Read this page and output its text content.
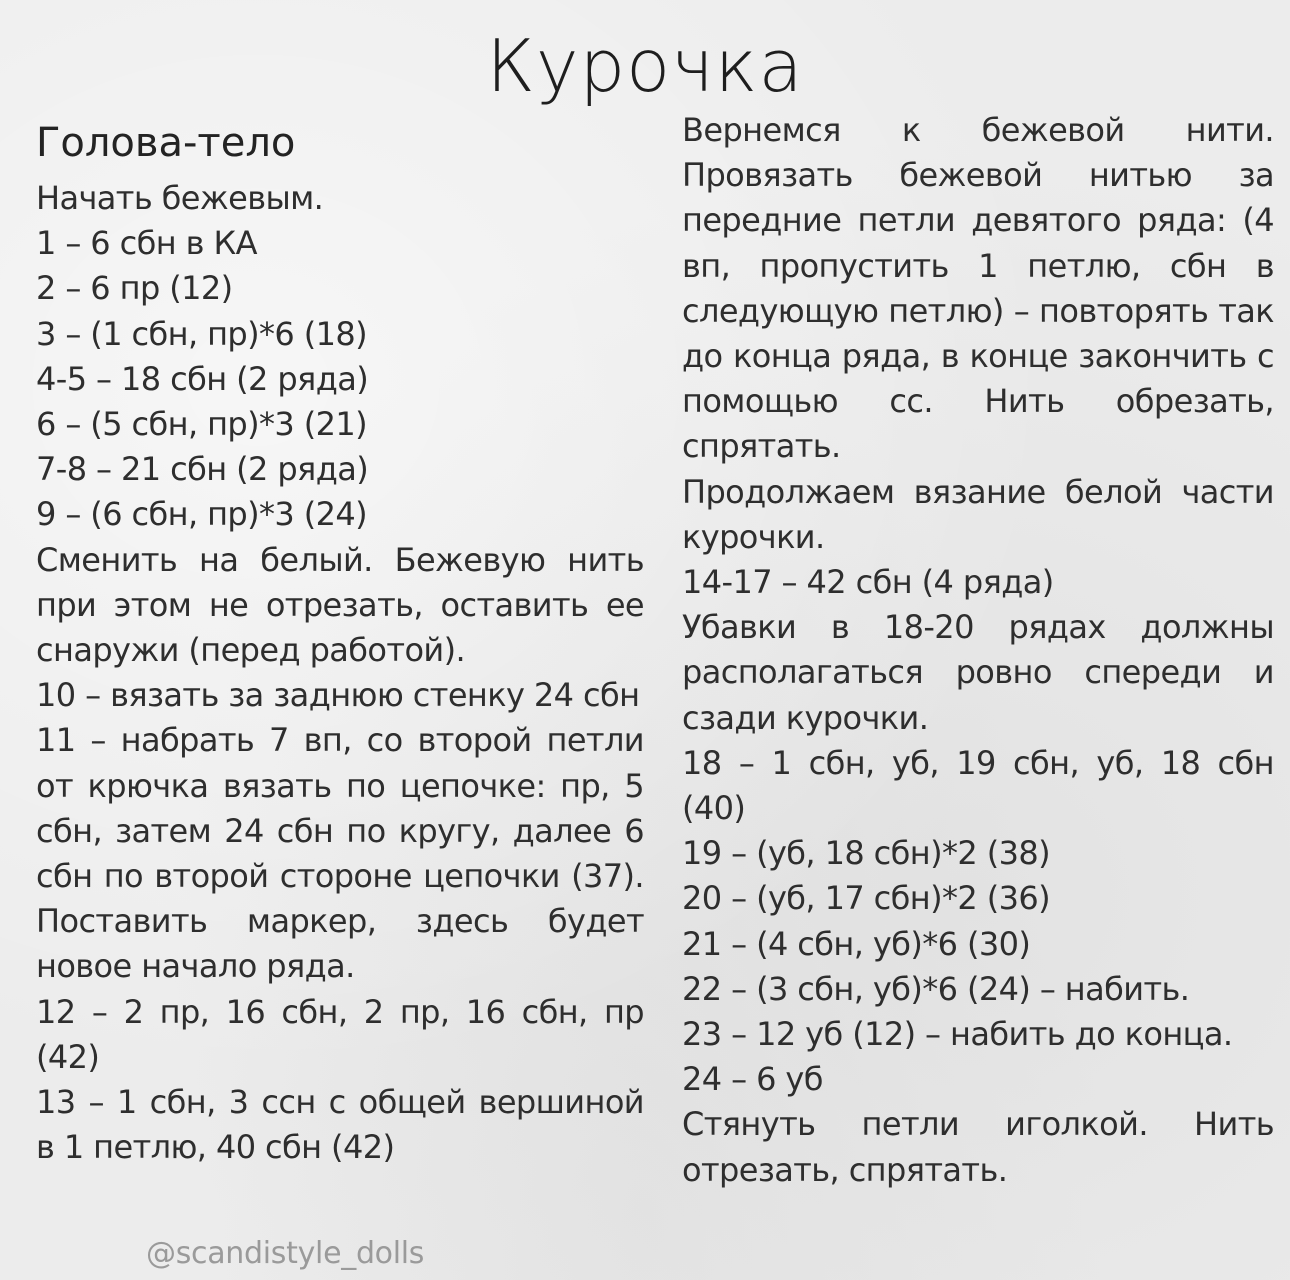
Курочка
Голова-тело

Начать бежевым.

1 – 6 сбн в КА

2 – 6 пр (12)

3 – (1 сбн, пр)*6 (18)

4-5 – 18 сбн (2 ряда)

6 – (5 сбн, пр)*3 (21)

7-8 – 21 сбн (2 ряда)

9 – (6 сбн, пр)*3 (24)

Сменить на белый. Бежевую нить при этом не отрезать, оставить ее снаружи (перед работой).

10 – вязать за заднюю стенку 24 сбн

11 – набрать 7 вп, со второй петли от крючка вязать по цепочке: пр, 5 сбн, затем 24 сбн по кругу, далее 6 сбн по второй стороне цепочки (37). Поставить маркер, здесь будет новое начало ряда.

12 – 2 пр, 16 сбн, 2 пр, 16 сбн, пр (42)

13 – 1 сбн, 3 ссн с общей вершиной в 1 петлю, 40 сбн (42)

Вернемся к бежевой нити. Провязать бежевой нитью за передние петли девятого ряда: (4 вп, пропустить 1 петлю, сбн в следующую петлю) – повторять так до конца ряда, в конце закончить с помощью сс. Нить обрезать, спрятать.

Продолжаем вязание белой части курочки.

14-17 – 42 сбн (4 ряда)

Убавки в 18-20 рядах должны располагаться ровно спереди и сзади курочки.

18 – 1 сбн, уб, 19 сбн, уб, 18 сбн (40)

19 – (уб, 18 сбн)*2 (38)

20 – (уб, 17 сбн)*2 (36)

21 – (4 сбн, уб)*6 (30)

22 – (3 сбн, уб)*6 (24) – набить.

23 – 12 уб (12) – набить до конца.

24 – 6 уб

Стянуть петли иголкой. Нить отрезать, спрятать.

@scandistyle_dolls
